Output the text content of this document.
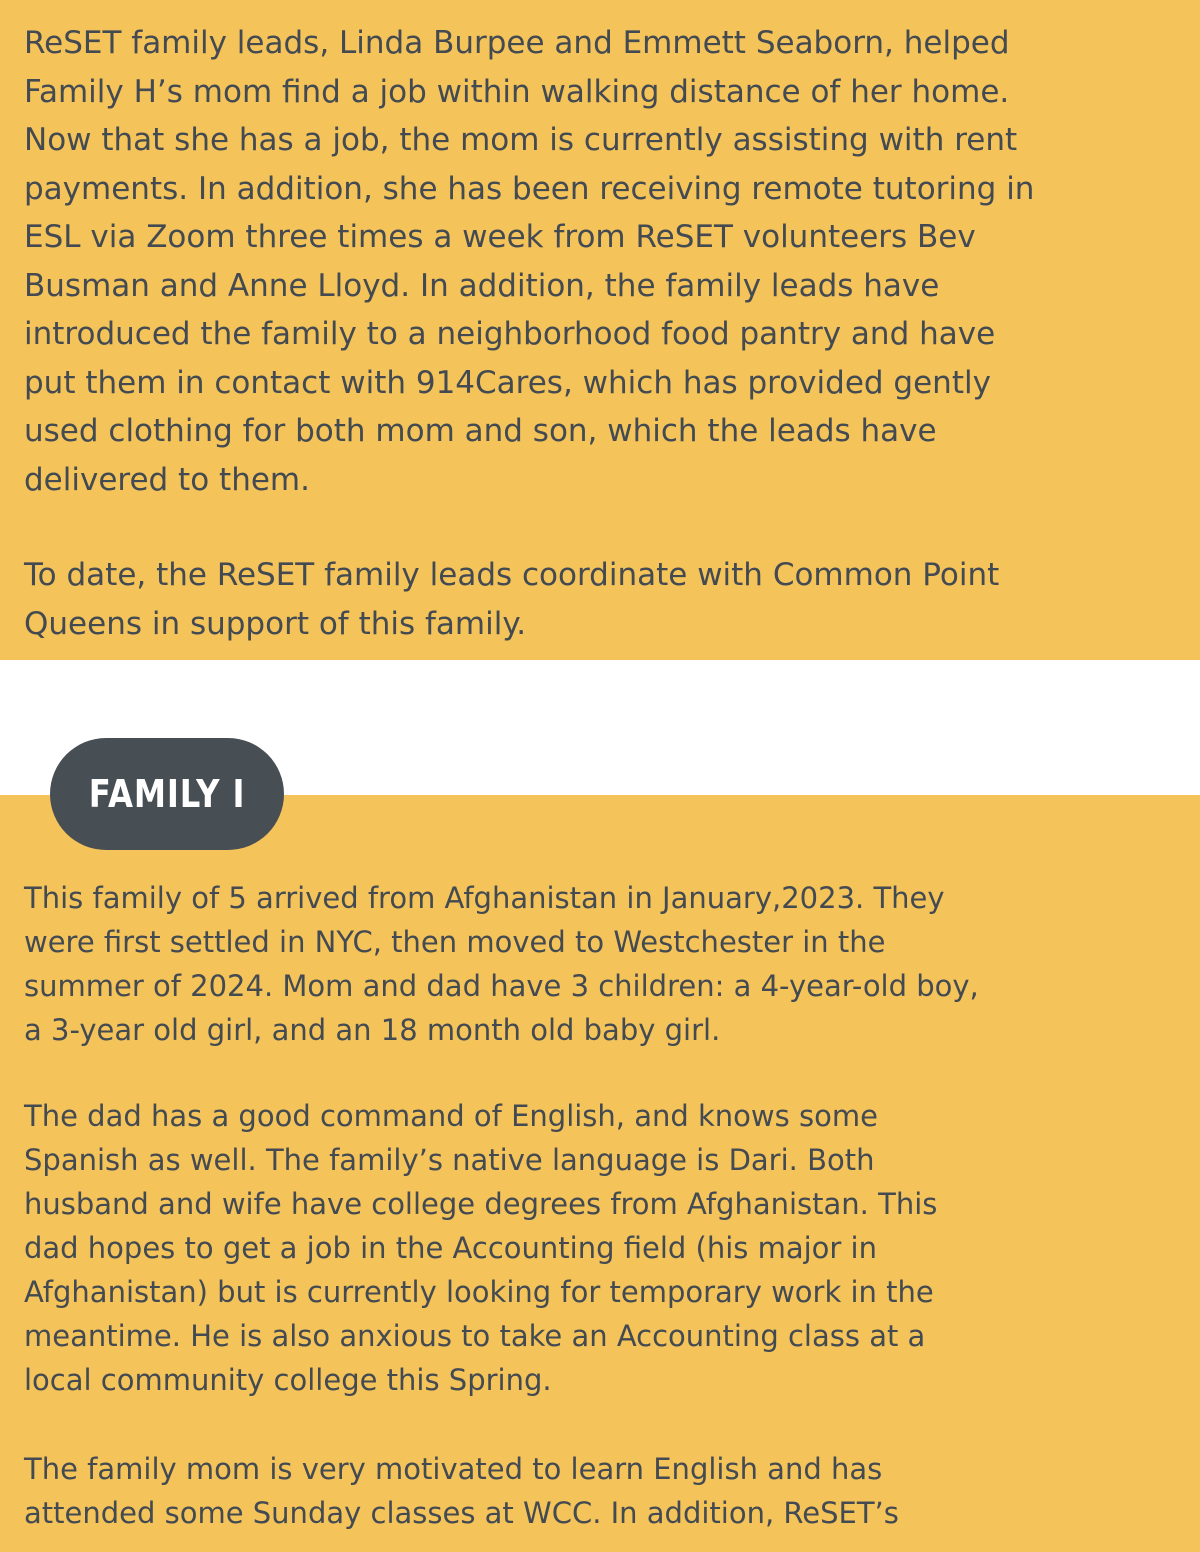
ReSET family leads, Linda Burpee and Emmett Seaborn, helped
Family H’s mom find a job within walking distance of her home.
Now that she has a job, the mom is currently assisting with rent
payments. In addition, she has been receiving remote tutoring in
ESL via Zoom three times a week from ReSET volunteers Bev
Busman and Anne Lloyd. In addition, the family leads have
introduced the family to a neighborhood food pantry and have
put them in contact with 914Cares, which has provided gently
used clothing for both mom and son, which the leads have
delivered to them.

To date, the ReSET family leads coordinate with Common Point
Queens in support of this family.

This family of 5 arrived from Afghanistan in January,2023. They
were first settled in NYC, then moved to Westchester in the
summer of 2024. Mom and dad have 3 children: a 4-year-old boy,
a 3-year old girl, and an 18 month old baby girl.

The dad has a good command of English, and knows some
Spanish as well. The family’s native language is Dari. Both
husband and wife have college degrees from Afghanistan. This
dad hopes to get a job in the Accounting field (his major in
Afghanistan) but is currently looking for temporary work in the
meantime. He is also anxious to take an Accounting class at a
local community college this Spring.

The family mom is very motivated to learn English and has
attended some Sunday classes at WCC. In addition, ReSET’s

FAMILY I
